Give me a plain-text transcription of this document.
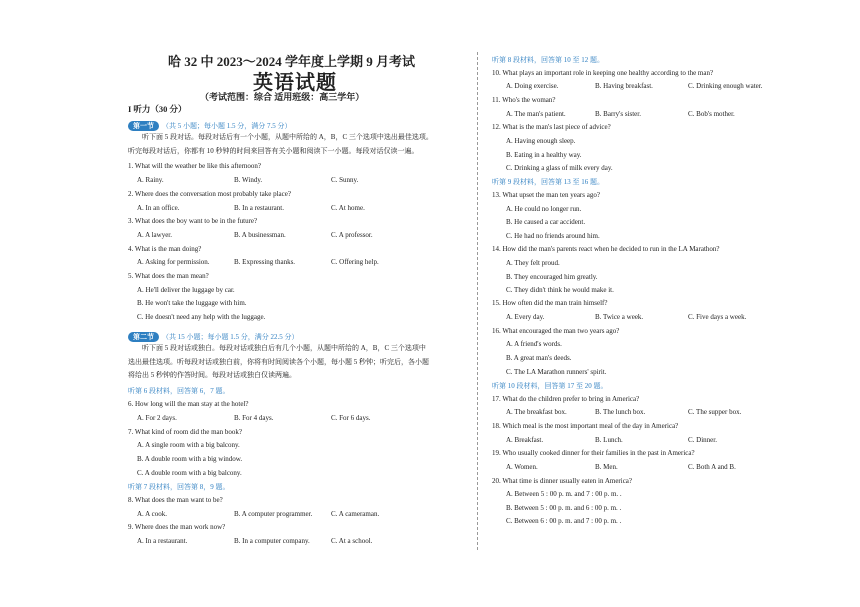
哈 32 中 2023～2024 学年度上学期 9 月考试
英语试题
（考试范围：综合 适用班级：高三学年）
I 听力（30 分）
第一节 （共 5 小题；每小题 1.5 分，满分 7.5 分）
听下面 5 段对话。每段对话后有一个小题，从题中所给的 A，B，C 三个选项中选出最佳选项。
听完每段对话后，你都有 10 秒钟的时间来回答有关小题和阅读下一小题。每段对话仅读一遍。
1. What will the weather be like this afternoon?
A. Rainy.	B. Windy.	C. Sunny.
2. Where does the conversation most probably take place?
A. In an office.	B. In a restaurant.	C. At home.
3. What does the boy want to be in the future?
A. A lawyer.	B. A businessman.	C. A professor.
4. What is the man doing?
A. Asking for permission.	B. Expressing thanks.	C. Offering help.
5. What does the man mean?
A. He'll deliver the luggage by car.
B. He won't take the luggage with him.
C. He doesn't need any help with the luggage.
第二节 （共 15 小题；每小题 1.5 分，满分 22.5 分）
听下面 5 段对话或独白。每段对话或独白后有几个小题，从题中所给的 A，B，C 三个选项中
选出最佳选项。听每段对话或独白前，你将有时间阅读各个小题，每小题 5 秒钟；听完后，各小题
将给出 5 秒钟的作答时间。每段对话或独白仅读两遍。
听第 6 段材料，回答第 6，7 题。
6. How long will the man stay at the hotel?
A. For 2 days.	B. For 4 days.	C. For 6 days.
7. What kind of room did the man book?
A. A single room with a big balcony.
B. A double room with a big window.
C. A double room with a big balcony.
听第 7 段材料，回答第 8，9 题。
8. What does the man want to be?
A. A cook.	B. A computer programmer.	C. A cameraman.
9. Where does the man work now?
A. In a restaurant.	B. In a computer company.	C. At a school.
听第 8 段材料，回答第 10 至 12 题。
10. What plays an important role in keeping one healthy according to the man?
A. Doing exercise.	B. Having breakfast.	C. Drinking enough water.
11. Who's the woman?
A. The man's patient.	B. Barry's sister.	C. Bob's mother.
12. What is the man's last piece of advice?
A. Having enough sleep.
B. Eating in a healthy way.
C. Drinking a glass of milk every day.
听第 9 段材料，回答第 13 至 16 题。
13. What upset the man ten years ago?
A. He could no longer run.
B. He caused a car accident.
C. He had no friends around him.
14. How did the man's parents react when he decided to run in the LA Marathon?
A. They felt proud.
B. They encouraged him greatly.
C. They didn't think he would make it.
15. How often did the man train himself?
A. Every day.	B. Twice a week.	C. Five days a week.
16. What encouraged the man two years ago?
A. A friend's words.
B. A great man's deeds.
C. The LA Marathon runners' spirit.
听第 10 段材料，回答第 17 至 20 题。
17. What do the children prefer to bring in America?
A. The breakfast box.	B. The lunch box.	C. The supper box.
18. Which meal is the most important meal of the day in America?
A. Breakfast.	B. Lunch.	C. Dinner.
19. Who usually cooked dinner for their families in the past in America?
A. Women.	B. Men.	C. Both A and B.
20. What time is dinner usually eaten in America?
A. Between 5 : 00 p. m. and 7 : 00 p. m. .
B. Between 5 : 00 p. m. and 6 : 00 p. m. .
C. Between 6 : 00 p. m. and 7 : 00 p. m. .
